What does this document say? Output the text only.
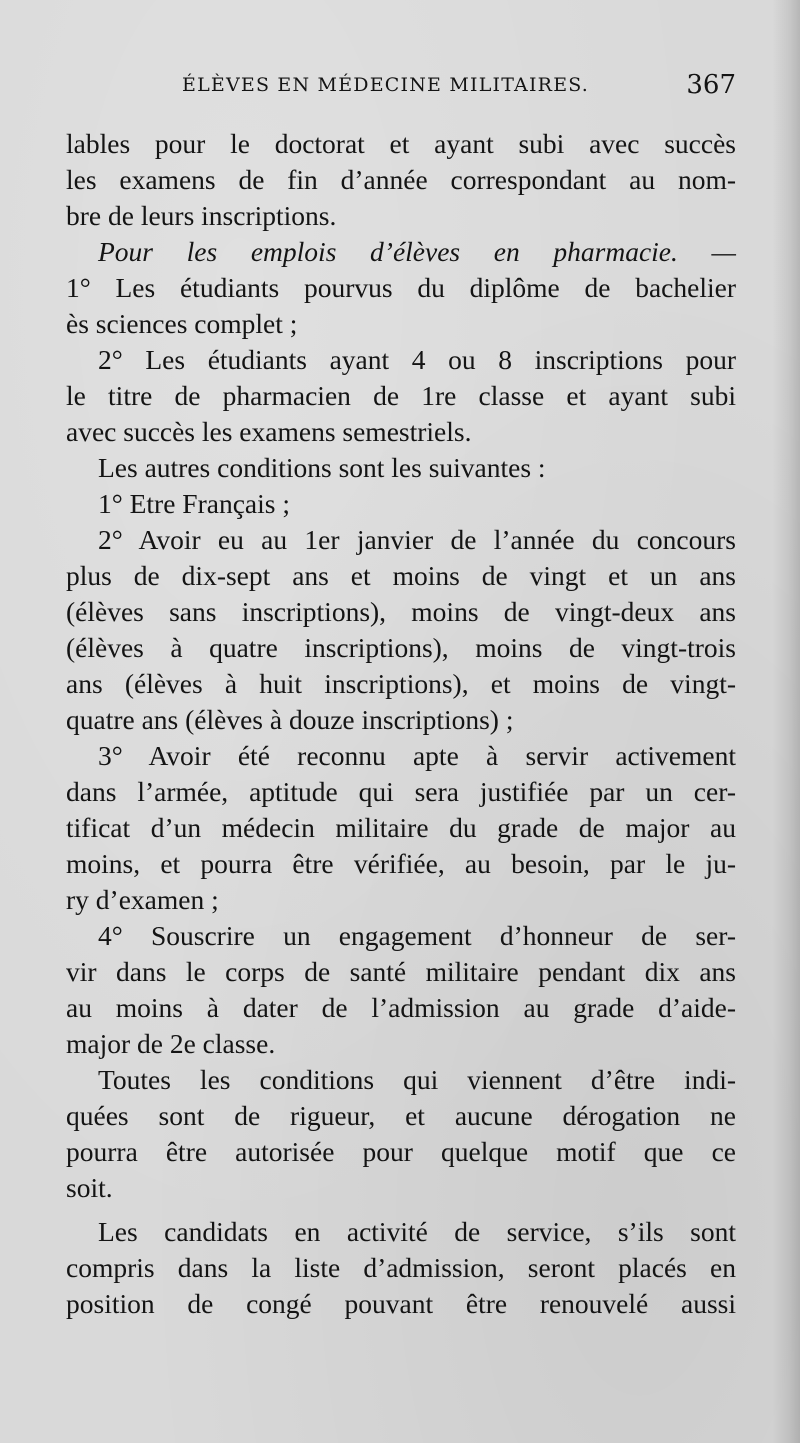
ÉLÈVES EN MÉDECINE MILITAIRES.	367

lables pour le doctorat et ayant subi avec succès
les examens de fin d’année correspondant au nom-
bre de leurs inscriptions.

Pour les emplois d’élèves en pharmacie. —

1° Les étudiants pourvus du diplôme de bachelier
ès sciences complet ;

2° Les étudiants ayant 4 ou 8 inscriptions pour
le titre de pharmacien de 1re classe et ayant subi
avec succès les examens semestriels.

Les autres conditions sont les suivantes :

1° Etre Français ;

2° Avoir eu au 1er janvier de l’année du concours
plus de dix-sept ans et moins de vingt et un ans
(élèves sans inscriptions), moins de vingt-deux ans
(élèves à quatre inscriptions), moins de vingt-trois
ans (élèves à huit inscriptions), et moins de vingt-
quatre ans (élèves à douze inscriptions) ;

3° Avoir été reconnu apte à servir activement
dans l’armée, aptitude qui sera justifiée par un cer-
tificat d’un médecin militaire du grade de major au
moins, et pourra être vérifiée, au besoin, par le ju-
ry d’examen ;

4° Souscrire un engagement d’honneur de ser-
vir dans le corps de santé militaire pendant dix ans
au moins à dater de l’admission au grade d’aide-
major de 2e classe.

Toutes les conditions qui viennent d’être indi-
quées sont de rigueur, et aucune dérogation ne
pourra être autorisée pour quelque motif que ce
soit.

Les candidats en activité de service, s’ils sont
compris dans la liste d’admission, seront placés en
position de congé pouvant être renouvelé aussi
